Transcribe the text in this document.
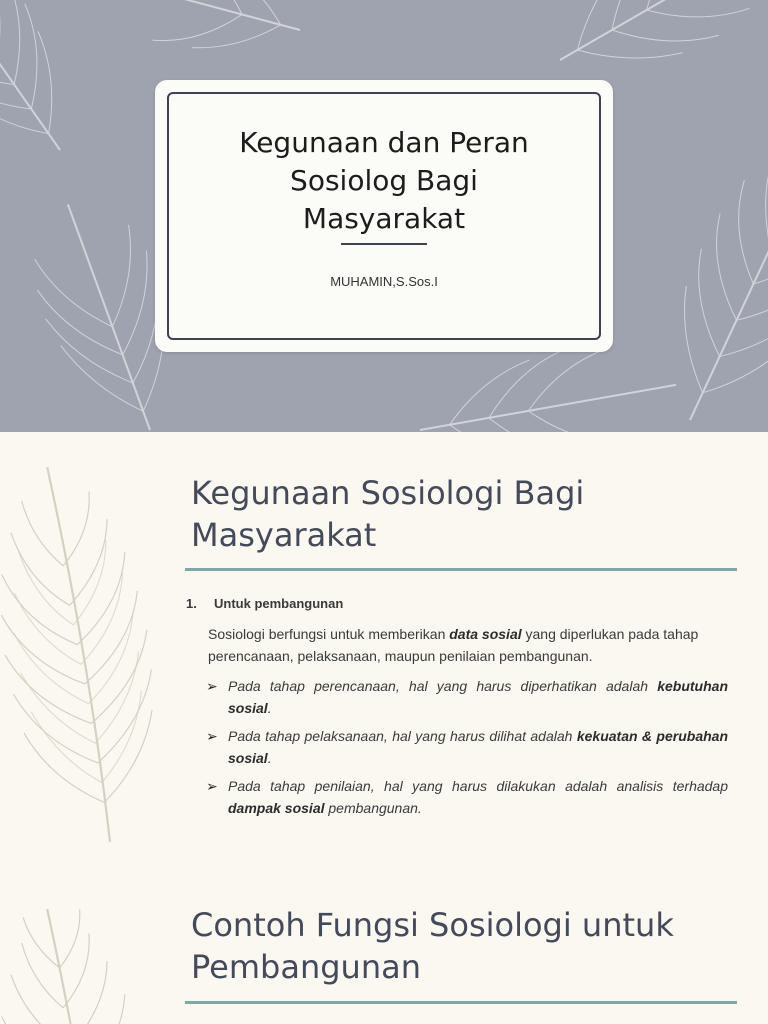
Kegunaan dan Peran
Sosiolog Bagi
Masyarakat
MUHAMIN,S.Sos.I
Kegunaan Sosiologi Bagi
Masyarakat

1. Untuk pembangunan

Sosiologi berfungsi untuk memberikan data sosial yang diperlukan pada tahap perencanaan, pelaksanaan, maupun penilaian pembangunan.

➢ Pada tahap perencanaan, hal yang harus diperhatikan adalah kebutuhan sosial.
➢ Pada tahap pelaksanaan, hal yang harus dilihat adalah kekuatan & perubahan sosial.
➢ Pada tahap penilaian, hal yang harus dilakukan adalah analisis terhadap dampak sosial pembangunan.
Contoh Fungsi Sosiologi untuk
Pembangunan
